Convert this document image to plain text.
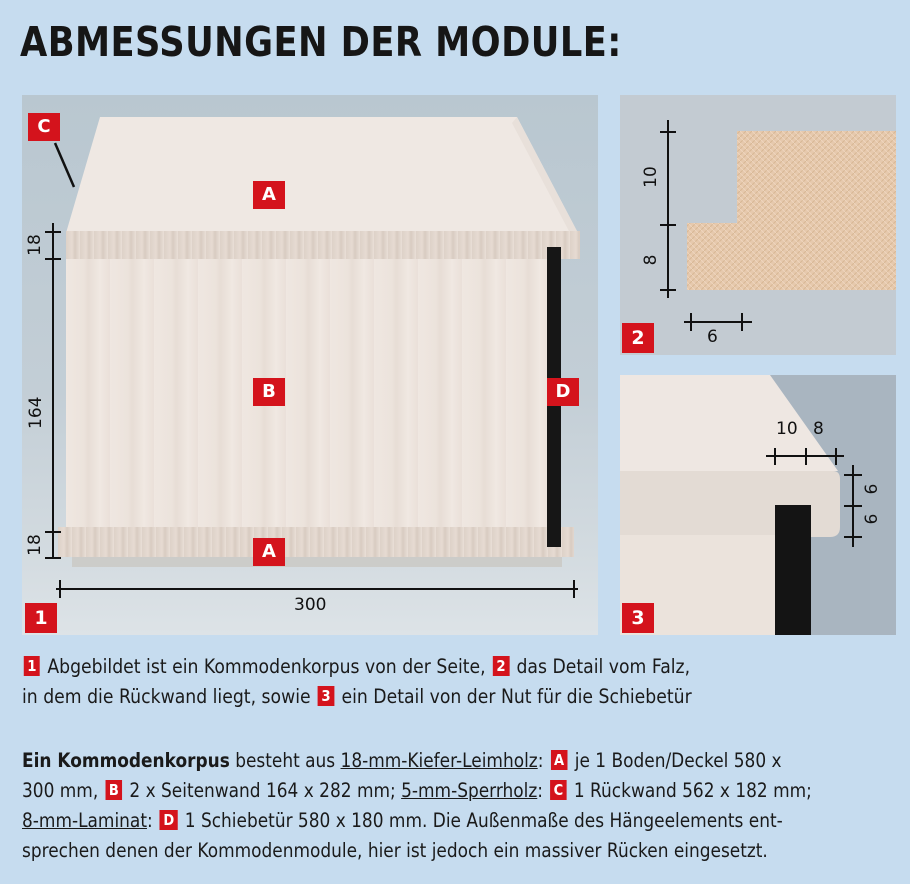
ABMESSUNGEN DER MODULE:
18
164
18
300
C
A
B	D
A
1
10
8
6
2
10 8
9
9
3
1 Abgebildet ist ein Kommodenkorpus von der Seite, 2 das Detail vom Falz,
in dem die Rückwand liegt, sowie 3 ein Detail von der Nut für die Schiebetür
Ein Kommodenkorpus besteht aus 18-mm-Kiefer-Leimholz: A je 1 Boden/Deckel 580 x
300 mm, B 2 x Seitenwand 164 x 282 mm; 5-mm-Sperrholz: C 1 Rückwand 562 x 182 mm;
8-mm-Laminat: D 1 Schiebetür 580 x 180 mm. Die Außenmaße des Hängeelements ent-
sprechen denen der Kommodenmodule, hier ist jedoch ein massiver Rücken eingesetzt.
